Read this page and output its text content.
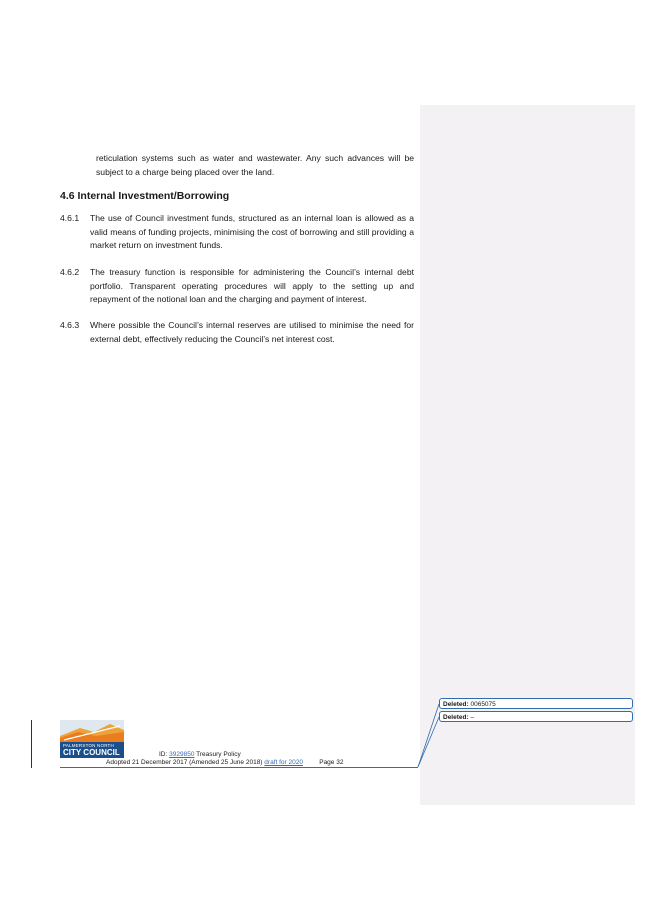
reticulation systems such as water and wastewater. Any such advances will be subject to a charge being placed over the land.
4.6 Internal Investment/Borrowing
4.6.1 The use of Council investment funds, structured as an internal loan is allowed as a valid means of funding projects, minimising the cost of borrowing and still providing a market return on investment funds.
4.6.2 The treasury function is responsible for administering the Council’s internal debt portfolio. Transparent operating procedures will apply to the setting up and repayment of the notional loan and the charging and payment of interest.
4.6.3 Where possible the Council’s internal reserves are utilised to minimise the need for external debt, effectively reducing the Council’s net interest cost.
PALMERSTON NORTH
CITY COUNCIL	ID: 3929850 Treasury Policy
Adopted 21 December 2017 (Amended 25 June 2018) draft for 2020	Page 32
Deleted: 0065075
Deleted: –
